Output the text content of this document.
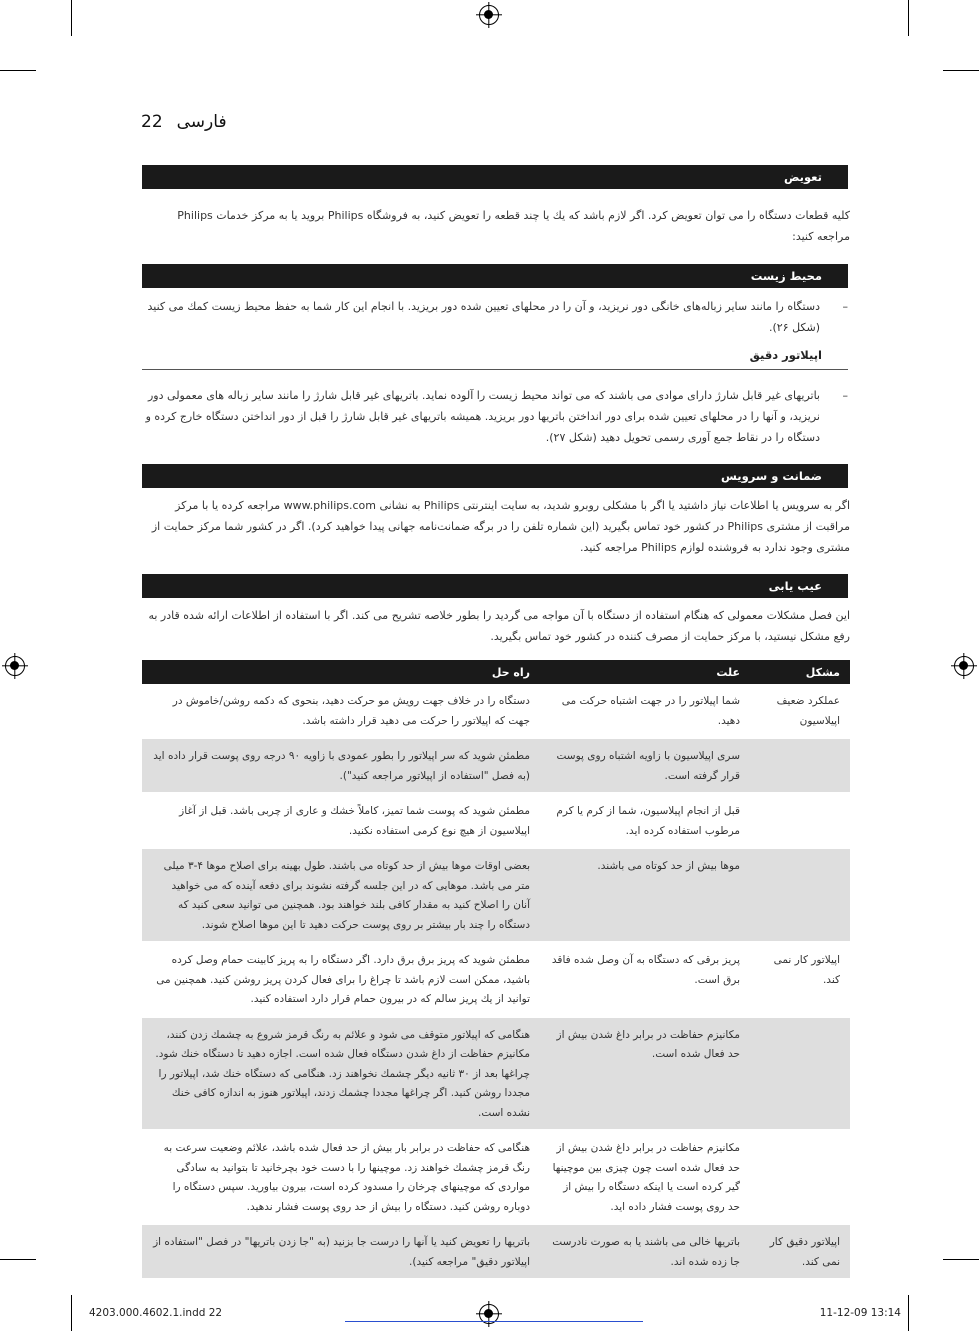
22 فارسی
تعویض
كلیه قطعات دستگاه را می توان تعویض كرد. اگر لازم باشد كه یك یا چند قطعه را تعویض كنید، به فروشگاه Philips بروید یا به مركز خدمات Philips مراجعه كنید:
محیط زیست
–
دستگاه را مانند سایر زباله‌های خانگی دور نریزید، و آن را در محلهای تعیین شده دور بریزید. با انجام این كار شما به حفظ محیط زیست كمك می كنید (شكل ۲۶).
اپیلاتور دقیق
–
باتریهای غیر قابل شارژ دارای موادی می باشند كه می تواند محیط زیست را آلوده نماید. باتریهای غیر قابل شارژ را مانند سایر زباله های معمولی دور نریزید، و آنها را در محلهای تعیین شده برای دور انداختن باتریها دور بریزید. همیشه باتریهای غیر قابل شارژ را قبل از دور انداختن دستگاه خارج كرده و دستگاه را در نقاط جمع آوری رسمی تحویل دهید (شكل ۲۷).
ضمانت و سرویس
اگر به سرویس یا اطلاعات نیاز داشتید یا اگر با مشكلی روبرو شدید، به سایت اینترنتی Philips به نشانی www.philips.com مراجعه كرده یا با مركز مراقبت از مشتری Philips در كشور خود تماس بگیرید (این شماره تلفن را در برگه ضمانت‌نامه جهانی پیدا خواهید كرد). اگر در كشور شما مركز حمایت از مشتری وجود ندارد به فروشنده لوازم Philips مراجعه كنید.
عیب یابی
این فصل مشكلات معمولی كه هنگام استفاده از دستگاه با آن مواجه می گردید را بطور خلاصه تشریح می كند. اگر با استفاده از اطلاعات ارائه شده قادر به رفع مشكل نیستید، با مركز حمایت از مصرف كننده در كشور خود تماس بگیرید.
مشكل	علت	راه حل
عملكرد ضعیف اپیلاسیون	شما اپیلاتور را در جهت اشتباه حركت می دهید.	دستگاه را در خلاف جهت رویش مو حركت دهید، بنحوی كه دكمه روشن/خاموش در جهت كه اپیلاتور را حركت می دهید قرار داشته باشد.
	سری اپیلاسیون با زاویه اشتباه روی پوست قرار گرفته است.	مطمئن شوید كه سر اپیلاتور را بطور عمودی با زاویه ۹۰ درجه روی پوست قرار داده اید (به فصل "استفاده از اپیلاتور مراجعه كنید").
	قبل از انجام اپیلاسیون، شما از كرم یا كرم مرطوب استفاده كرده اید.	مطمئن شوید كه پوست شما تمیز، كاملاً خشك و عاری از چربی باشد. قبل از آغاز اپیلاسیون از هیچ نوع كرمی استفاده نكنید.
	موها بیش از حد كوتاه می باشند.	بعضی اوقات موها بیش از حد كوتاه می باشند. طول بهینه برای اصلاح موها ۴-۳ میلی متر می باشد. موهایی كه در این جلسه گرفته نشوند برای دفعه آینده كه می خواهید آنان را اصلاح كنید به مقدار كافی بلند خواهند بود. همچنین می توانید سعی كنید كه دستگاه را چند بار بیشتر بر روی پوست حركت دهید تا این موها اصلاح شوند.
اپیلاتور كار نمی كند.	پریز برقی كه دستگاه به آن وصل شده فاقد برق است.	مطمئن شوید كه پریز برق برق دارد. اگر دستگاه را به پریز كابینت حمام وصل كرده باشید، ممكن است لازم باشد تا چراغ را برای فعال كردن پریز روشن كنید. همچنین می توانید از یك پریز سالم كه در بیرون حمام قرار دارد استفاده كنید.
	مكانیزم حفاظت در برابر داغ شدن بیش از حد فعال شده است.	هنگامی كه اپیلاتور متوقف می شود و علائم به رنگ قرمز شروع به چشمك زدن كنند، مكانیزم حفاظت از داغ شدن دستگاه فعال شده است. اجازه دهید تا دستگاه خنك شود. چراغها بعد از ۳۰ ثانیه دیگر چشمك نخواهند زد. هنگامی كه دستگاه خنك شد، اپیلاتور را مجددا روشن كنید. اگر چراغها مجددا چشمك زدند، اپیلاتور هنوز به اندازه كافی خنك نشده است.
	مكانیزم حفاظت در برابر داغ شدن بیش از حد فعال شده است چون چیزی بین موچینها گیر كرده است یا اینكه دستگاه را بیش از حد روی پوست فشار داده اید.	هنگامی كه حفاظت در برابر بار بیش از حد فعال شده باشد، علائم وضعیت سرعت به رنگ قرمز چشمك خواهند زد. موچینها را با دست خود بچرخانید تا بتوانید به سادگی مواردی كه موچینهای چرخان را مسدود كرده است، بیرون بیاورید. سپس دستگاه را دوباره روشن كنید. دستگاه را بیش از حد روی پوست فشار ندهید.
اپیلاتور دقیق كار نمی كند.	باتریها خالی می باشند یا به صورت نادرست جا زده شده اند.	باتریها را تعویض كنید یا آنها را درست جا بزنید (به "جا زدن باتریها" در فصل "استفاده از اپیلاتور دقیق" مراجعه كنید).
4203.000.4602.1.indd 22	11-12-09 13:14
